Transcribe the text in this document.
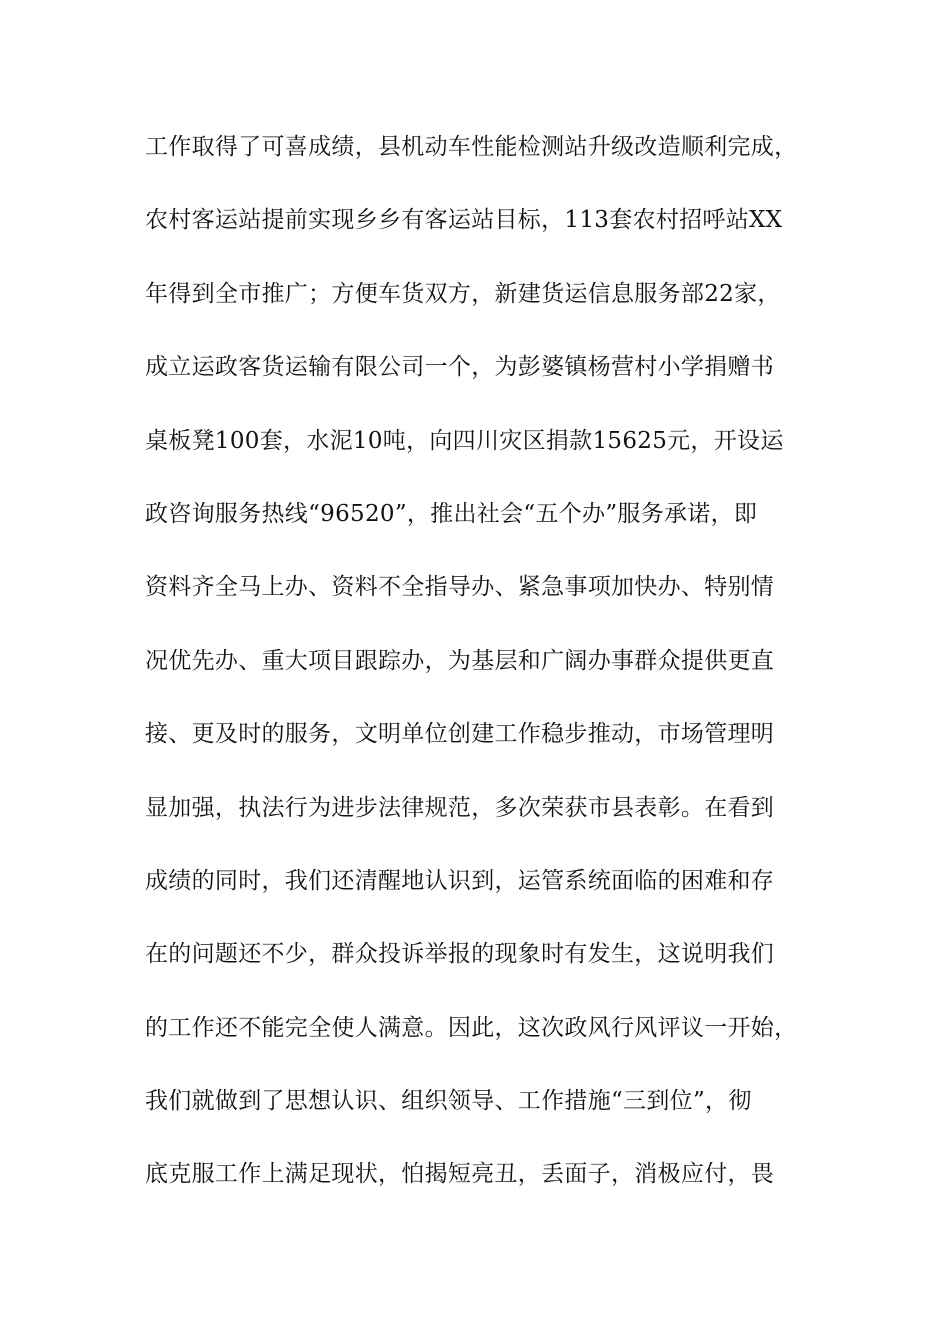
工作取得了可喜成绩，县机动车性能检测站升级改造顺利完成，
农村客运站提前实现乡乡有客运站目标，113套农村招呼站XX
年得到全市推广；方便车货双方，新建货运信息服务部22家，
成立运政客货运输有限公司一个，为彭婆镇杨营村小学捐赠书
桌板凳100套，水泥10吨，向四川灾区捐款15625元，开设运
政咨询服务热线“96520”，推出社会“五个办”服务承诺，即
资料齐全马上办、资料不全指导办、紧急事项加快办、特别情
况优先办、重大项目跟踪办，为基层和广阔办事群众提供更直
接、更及时的服务，文明单位创建工作稳步推动，市场管理明
显加强，执法行为进步法律规范，多次荣获市县表彰。在看到
成绩的同时，我们还清醒地认识到，运管系统面临的困难和存
在的问题还不少，群众投诉举报的现象时有发生，这说明我们
的工作还不能完全使人满意。因此，这次政风行风评议一开始，
我们就做到了思想认识、组织领导、工作措施“三到位”，彻
底克服工作上满足现状，怕揭短亮丑，丢面子，消极应付，畏
